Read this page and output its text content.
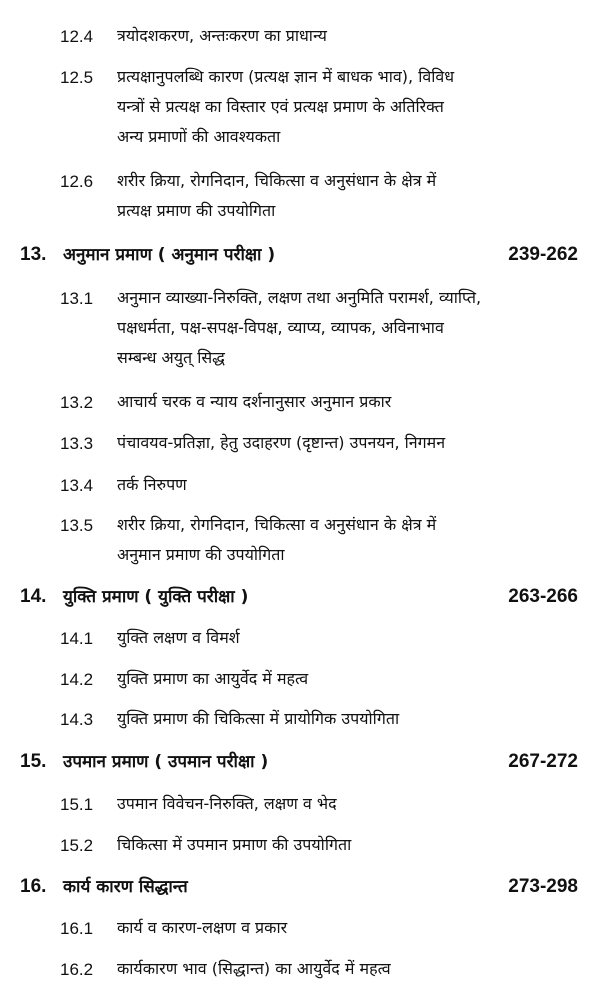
12.4 त्रयोदशकरण, अन्तःकरण का प्राधान्य
12.5 प्रत्यक्षानुपलब्धि कारण (प्रत्यक्ष ज्ञान में बाधक भाव), विविध
यन्त्रों से प्रत्यक्ष का विस्तार एवं प्रत्यक्ष प्रमाण के अतिरिक्त
अन्य प्रमाणों की आवश्यकता
12.6 शरीर क्रिया, रोगनिदान, चिकित्सा व अनुसंधान के क्षेत्र में
प्रत्यक्ष प्रमाण की उपयोगिता
13. अनुमान प्रमाण ( अनुमान परीक्षा )	239-262
13.1 अनुमान व्याख्या-निरुक्ति, लक्षण तथा अनुमिति परामर्श, व्याप्ति,
पक्षधर्मता, पक्ष-सपक्ष-विपक्ष, व्याप्य, व्यापक, अविनाभाव
सम्बन्ध अयुत् सिद्ध
13.2 आचार्य चरक व न्याय दर्शनानुसार अनुमान प्रकार
13.3 पंचावयव-प्रतिज्ञा, हेतु उदाहरण (दृष्टान्त) उपनयन, निगमन
13.4 तर्क निरुपण
13.5 शरीर क्रिया, रोगनिदान, चिकित्सा व अनुसंधान के क्षेत्र में
अनुमान प्रमाण की उपयोगिता
14. युक्ति प्रमाण ( युक्ति परीक्षा )	263-266
14.1 युक्ति लक्षण व विमर्श
14.2 युक्ति प्रमाण का आयुर्वेद में महत्व
14.3 युक्ति प्रमाण की चिकित्सा में प्रायोगिक उपयोगिता
15. उपमान प्रमाण ( उपमान परीक्षा )	267-272
15.1 उपमान विवेचन-निरुक्ति, लक्षण व भेद
15.2 चिकित्सा में उपमान प्रमाण की उपयोगिता
16. कार्य कारण सिद्धान्त	273-298
16.1 कार्य व कारण-लक्षण व प्रकार
16.2 कार्यकारण भाव (सिद्धान्त) का आयुर्वेद में महत्व
